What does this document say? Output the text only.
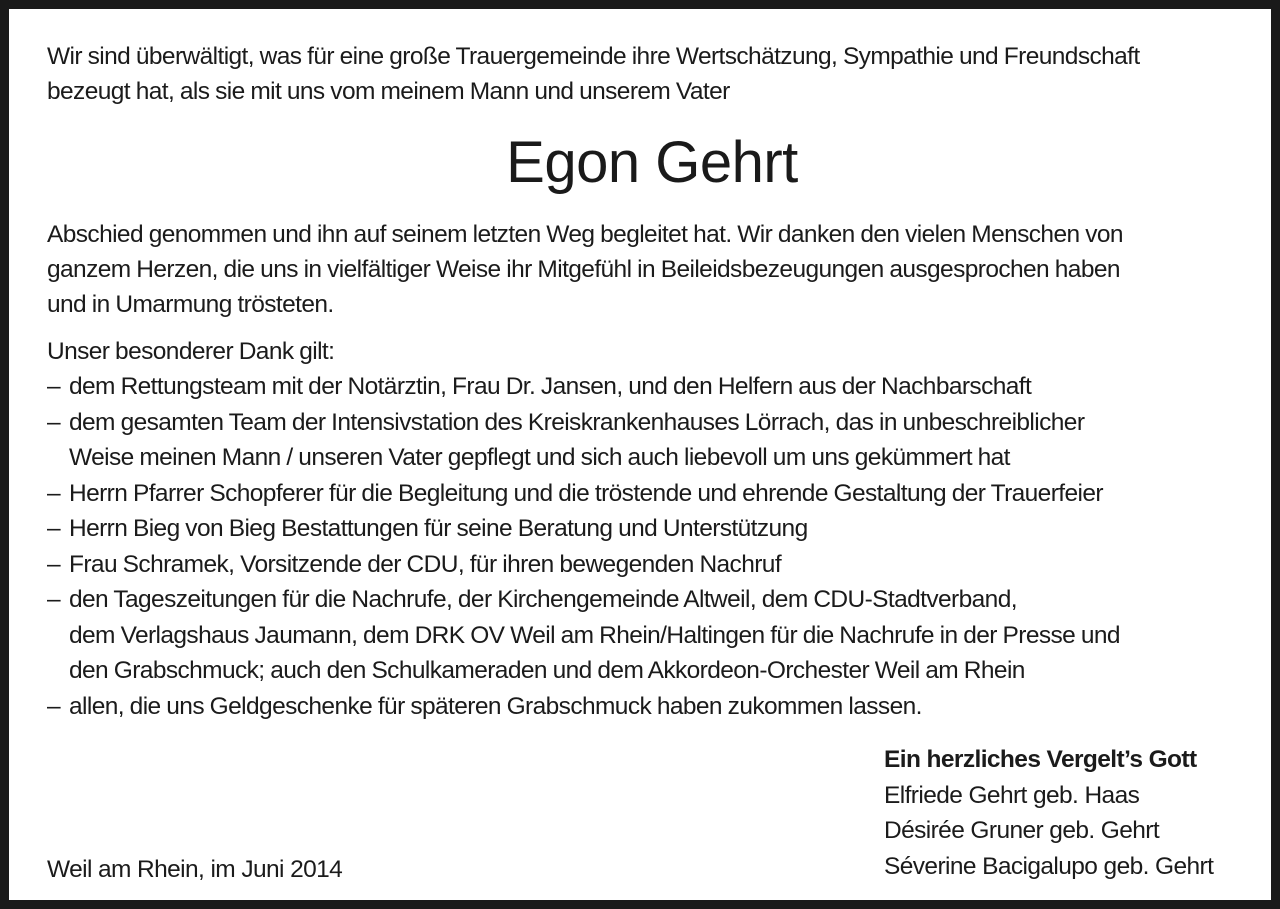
Wir sind überwältigt, was für eine große Trauergemeinde ihre Wertschätzung, Sympathie und Freundschaft
bezeugt hat, als sie mit uns vom meinem Mann und unserem Vater

Egon Gehrt

Abschied genommen und ihn auf seinem letzten Weg begleitet hat. Wir danken den vielen Menschen von
ganzem Herzen, die uns in vielfältiger Weise ihr Mitgefühl in Beileidsbezeugungen ausgesprochen haben
und in Umarmung trösteten.

Unser besonderer Dank gilt:

– dem Rettungsteam mit der Notärztin, Frau Dr. Jansen, und den Helfern aus der Nachbarschaft
– dem gesamten Team der Intensivstation des Kreiskrankenhauses Lörrach, das in unbeschreiblicher
Weise meinen Mann / unseren Vater gepflegt und sich auch liebevoll um uns gekümmert hat
– Herrn Pfarrer Schopferer für die Begleitung und die tröstende und ehrende Gestaltung der Trauerfeier
– Herrn Bieg von Bieg Bestattungen für seine Beratung und Unterstützung
– Frau Schramek, Vorsitzende der CDU, für ihren bewegenden Nachruf
– den Tageszeitungen für die Nachrufe, der Kirchengemeinde Altweil, dem CDU-Stadtverband,
dem Verlagshaus Jaumann, dem DRK OV Weil am Rhein/Haltingen für die Nachrufe in der Presse und
den Grabschmuck; auch den Schulkameraden und dem Akkordeon-Orchester Weil am Rhein
– allen, die uns Geldgeschenke für späteren Grabschmuck haben zukommen lassen.
Ein herzliches Vergelt’s Gott
Elfriede Gehrt geb. Haas
Désirée Gruner geb. Gehrt
Séverine Bacigalupo geb. Gehrt
Weil am Rhein, im Juni 2014
